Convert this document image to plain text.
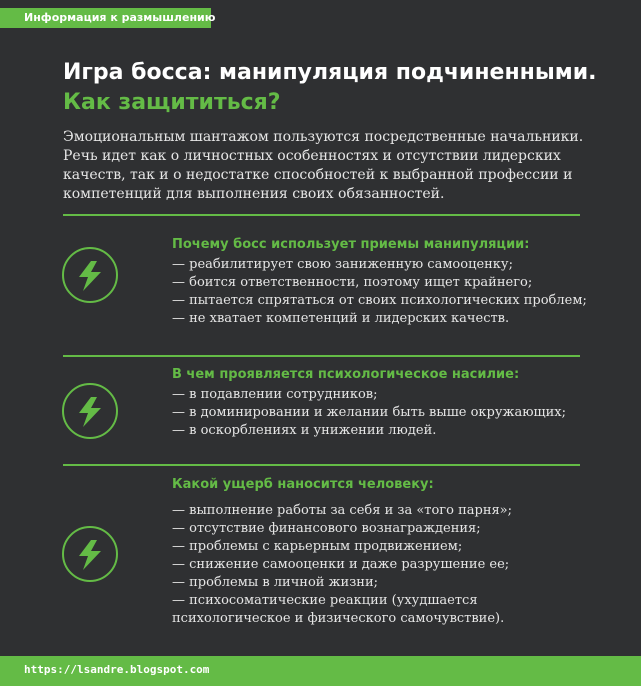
Информация к размышлению
Игра босса: манипуляция подчиненными.
Как защититься?
Эмоциональным шантажом пользуются посредственные начальники. Речь идет как о личностных особенностях и отсутствии лидерских качеств, так и о недостатке способностей к выбранной профессии и компетенций для выполнения своих обязанностей.
Почему босс использует приемы манипуляции:
— реабилитирует свою заниженную самооценку;
— боится ответственности, поэтому ищет крайнего;
— пытается спрятаться от своих психологических проблем;
— не хватает компетенций и лидерских качеств.
В чем проявляется психологическое насилие:
— в подавлении сотрудников;
— в доминировании и желании быть выше окружающих;
— в оскорблениях и унижении людей.
Какой ущерб наносится человеку:
— выполнение работы за себя и за «того парня»;
— отсутствие финансового вознаграждения;
— проблемы с карьерным продвижением;
— снижение самооценки и даже разрушение ее;
— проблемы в личной жизни;
— психосоматические реакции (ухудшается
психологическое и физического самочувствие).
https://lsandre.blogspot.com
